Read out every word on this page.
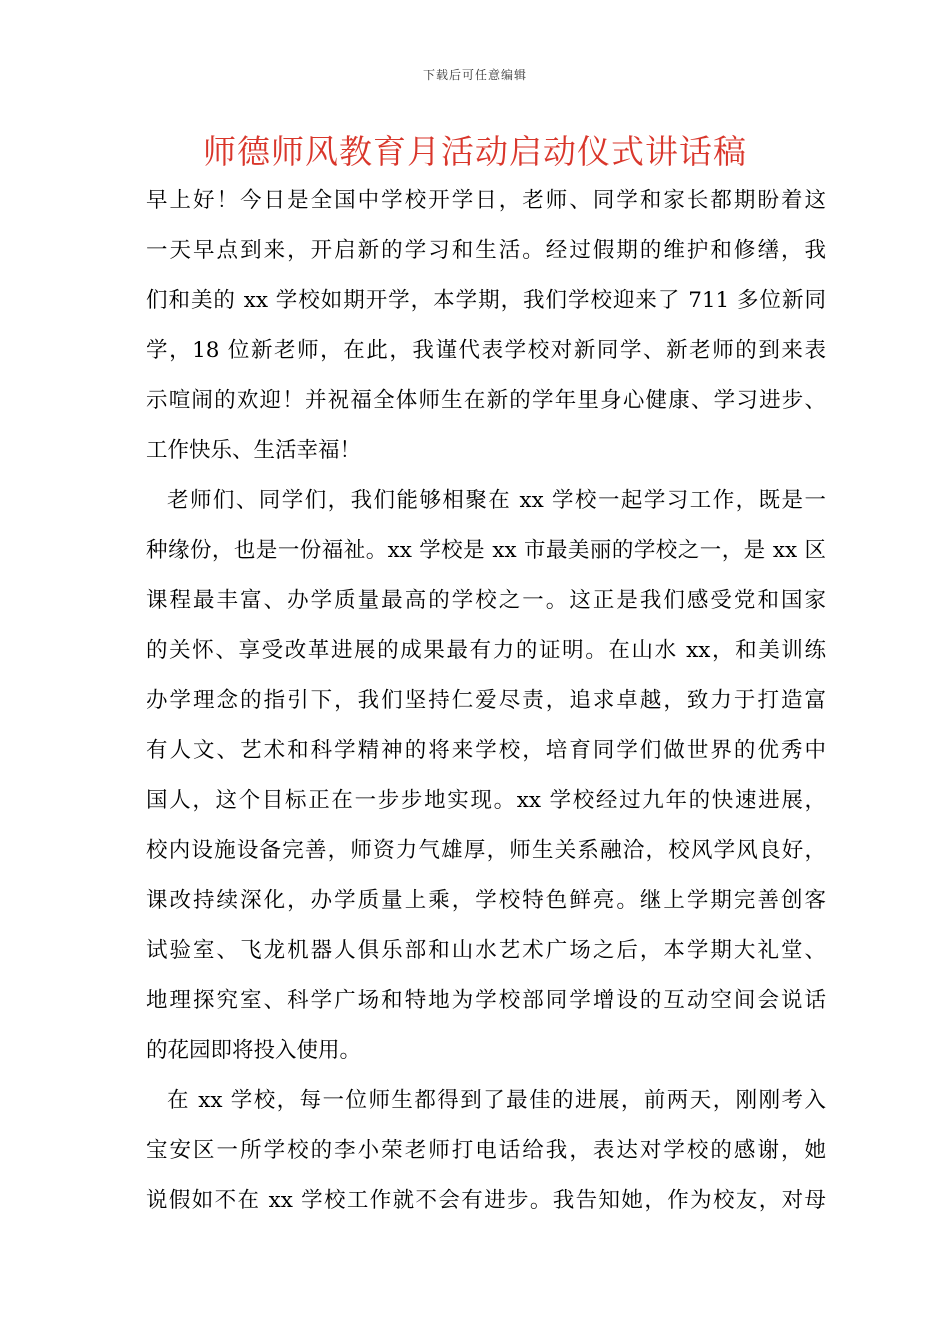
下载后可任意编辑
师德师风教育月活动启动仪式讲话稿
早上好！今日是全国中学校开学日，老师、同学和家长都期盼着这
一天早点到来，开启新的学习和生活。经过假期的维护和修缮，我
们和美的 xx 学校如期开学，本学期，我们学校迎来了 711 多位新同
学，18 位新老师，在此，我谨代表学校对新同学、新老师的到来表
示喧闹的欢迎！并祝福全体师生在新的学年里身心健康、学习进步、
工作快乐、生活幸福！
老师们、同学们，我们能够相聚在 xx 学校一起学习工作，既是一
种缘份，也是一份福祉。xx 学校是 xx 市最美丽的学校之一，是 xx 区
课程最丰富、办学质量最高的学校之一。这正是我们感受党和国家
的关怀、享受改革进展的成果最有力的证明。在山水 xx，和美训练
办学理念的指引下，我们坚持仁爱尽责，追求卓越，致力于打造富
有人文、艺术和科学精神的将来学校，培育同学们做世界的优秀中
国人，这个目标正在一步步地实现。xx 学校经过九年的快速进展，
校内设施设备完善，师资力气雄厚，师生关系融洽，校风学风良好，
课改持续深化，办学质量上乘，学校特色鲜亮。继上学期完善创客
试验室、飞龙机器人俱乐部和山水艺术广场之后，本学期大礼堂、
地理探究室、科学广场和特地为学校部同学增设的互动空间会说话
的花园即将投入使用。
在 xx 学校，每一位师生都得到了最佳的进展，前两天，刚刚考入
宝安区一所学校的李小荣老师打电话给我，表达对学校的感谢，她
说假如不在 xx 学校工作就不会有进步。我告知她，作为校友，对母
